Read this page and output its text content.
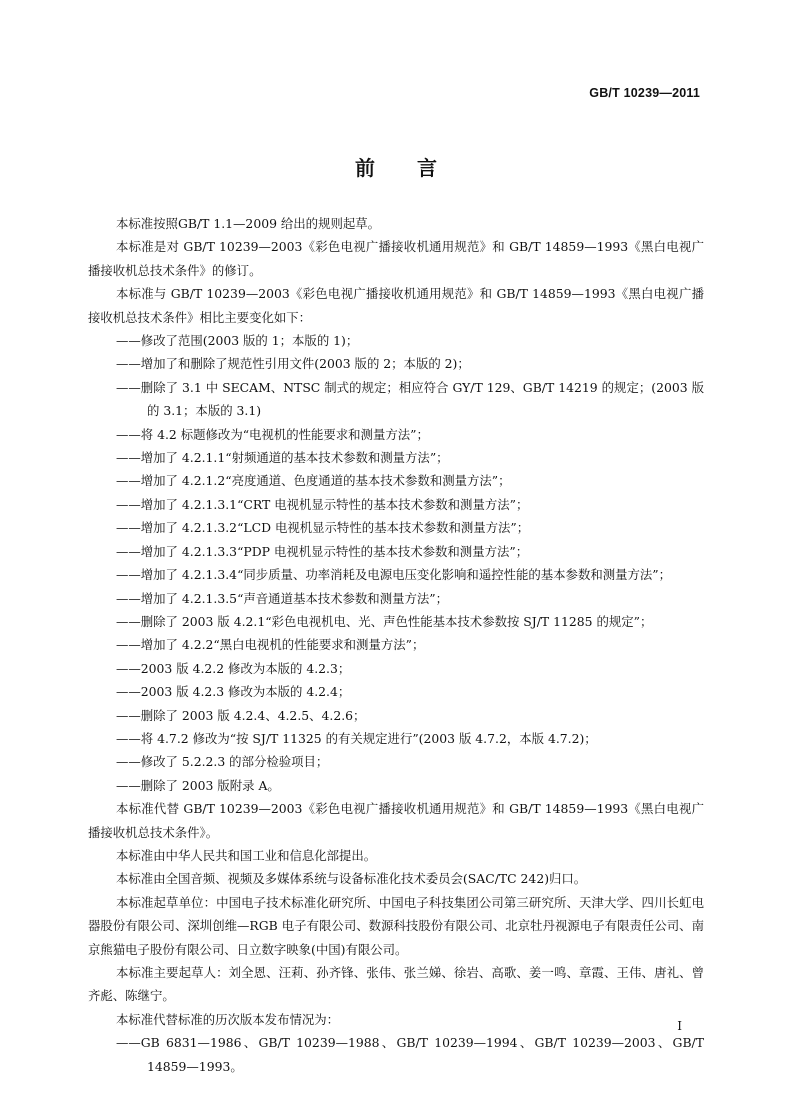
GB/T 10239—2011
前言

本标准按照GB/T 1.1—2009 给出的规则起草。

本标准是对 GB/T 10239—2003《彩色电视广播接收机通用规范》和 GB/T 14859—1993《黑白电视广播接收机总技术条件》的修订。

本标准与 GB/T 10239—2003《彩色电视广播接收机通用规范》和 GB/T 14859—1993《黑白电视广播接收机总技术条件》相比主要变化如下：

——修改了范围(2003 版的 1；本版的 1)；

——增加了和删除了规范性引用文件(2003 版的 2；本版的 2)；

——删除了 3.1 中 SECAM、NTSC 制式的规定；相应符合 GY/T 129、GB/T 14219 的规定；(2003 版的 3.1；本版的 3.1)

——将 4.2 标题修改为“电视机的性能要求和测量方法”；

——增加了 4.2.1.1“射频通道的基本技术参数和测量方法”；

——增加了 4.2.1.2“亮度通道、色度通道的基本技术参数和测量方法”；

——增加了 4.2.1.3.1“CRT 电视机显示特性的基本技术参数和测量方法”；

——增加了 4.2.1.3.2“LCD 电视机显示特性的基本技术参数和测量方法”；

——增加了 4.2.1.3.3“PDP 电视机显示特性的基本技术参数和测量方法”；

——增加了 4.2.1.3.4“同步质量、功率消耗及电源电压变化影响和遥控性能的基本参数和测量方法”；

——增加了 4.2.1.3.5“声音通道基本技术参数和测量方法”；

——删除了 2003 版 4.2.1“彩色电视机电、光、声色性能基本技术参数按 SJ/T 11285 的规定”；

——增加了 4.2.2“黑白电视机的性能要求和测量方法”；

——2003 版 4.2.2 修改为本版的 4.2.3；

——2003 版 4.2.3 修改为本版的 4.2.4；

——删除了 2003 版 4.2.4、4.2.5、4.2.6；

——将 4.7.2 修改为“按 SJ/T 11325 的有关规定进行”(2003 版 4.7.2，本版 4.7.2)；

——修改了 5.2.2.3 的部分检验项目；

——删除了 2003 版附录 A。

本标准代替 GB/T 10239—2003《彩色电视广播接收机通用规范》和 GB/T 14859—1993《黑白电视广播接收机总技术条件》。

本标准由中华人民共和国工业和信息化部提出。

本标准由全国音频、视频及多媒体系统与设备标准化技术委员会(SAC/TC 242)归口。

本标准起草单位：中国电子技术标准化研究所、中国电子科技集团公司第三研究所、天津大学、四川长虹电器股份有限公司、深圳创维—RGB 电子有限公司、数源科技股份有限公司、北京牡丹视源电子有限责任公司、南京熊猫电子股份有限公司、日立数字映象(中国)有限公司。

本标准主要起草人：刘全恩、汪莉、孙齐锋、张伟、张兰娣、徐岩、高歌、姜一鸣、章霞、王伟、唐礼、曾齐彪、陈继宁。

本标准代替标准的历次版本发布情况为：

——GB 6831—1986、GB/T 10239—1988、GB/T 10239—1994、GB/T 10239—2003、GB/T 14859—1993。

I
